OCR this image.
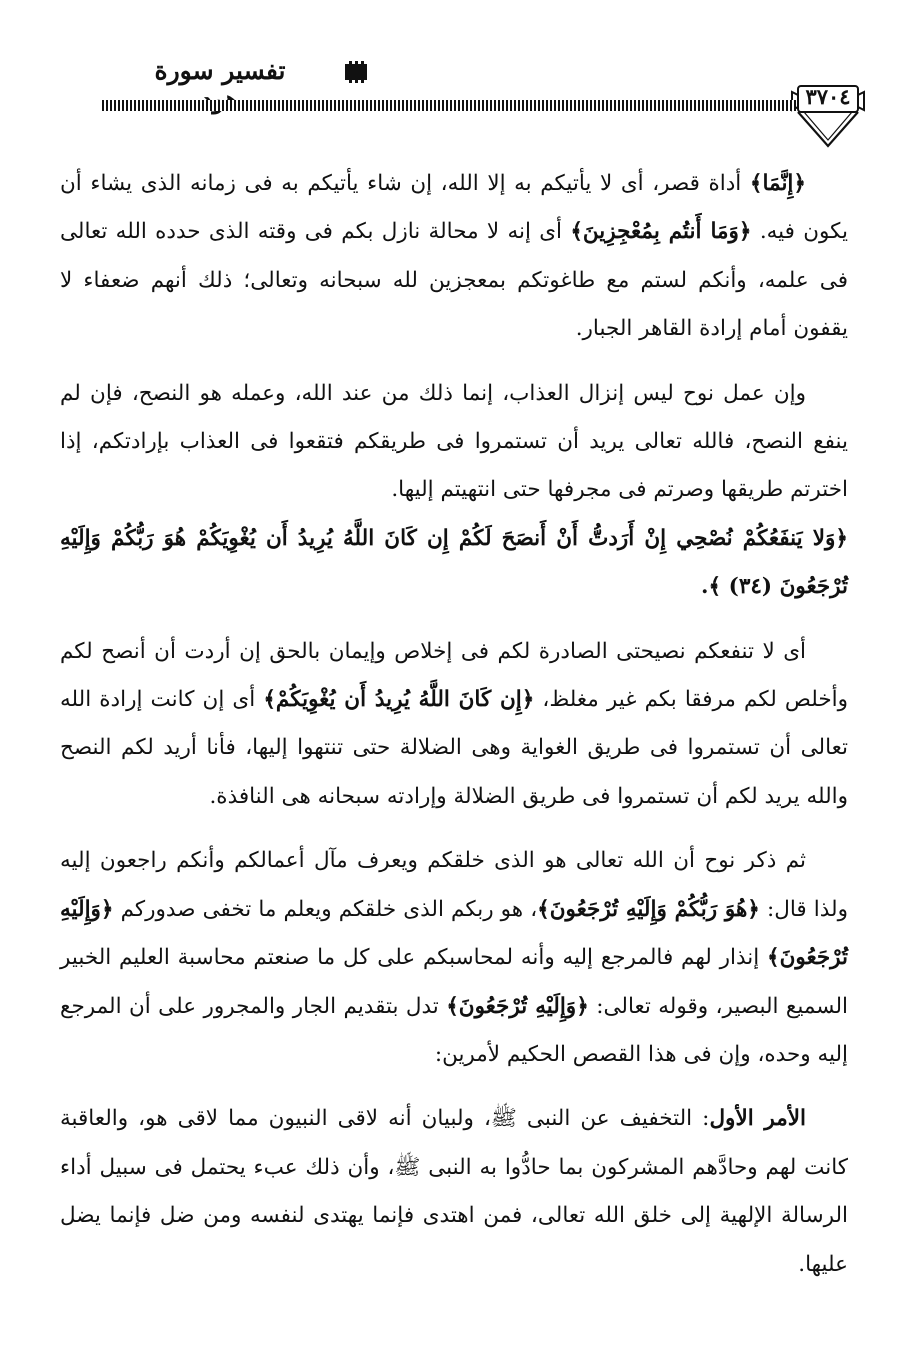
٣٧٠٤
تفسير سورة

﴿إِنَّمَا﴾ أداة قصر، أى لا يأتيكم به إلا الله، إن شاء يأتيكم به فى زمانه الذى يشاء أن يكون فيه. ﴿وَمَا أَنتُم بِمُعْجِزِينَ﴾ أى إنه لا محالة نازل بكم فى وقته الذى حدده الله تعالى فى علمه، وأنكم لستم مع طاغوتكم بمعجزين لله سبحانه وتعالى؛ ذلك أنهم ضعفاء لا يقفون أمام إرادة القاهر الجبار.

وإن عمل نوح ليس إنزال العذاب، إنما ذلك من عند الله، وعمله هو النصح، فإن لم ينفع النصح، فالله تعالى يريد أن تستمروا فى طريقكم فتقعوا فى العذاب بإرادتكم، إذا اخترتم طريقها وصرتم فى مجرفها حتى انتهيتم إليها.

﴿وَلا يَنفَعُكُمْ نُصْحِي إِنْ أَرَدتُّ أَنْ أَنصَحَ لَكُمْ إِن كَانَ اللَّهُ يُرِيدُ أَن يُغْوِيَكُمْ هُوَ رَبُّكُمْ وَإِلَيْهِ تُرْجَعُونَ (٣٤) ﴾.

أى لا تنفعكم نصيحتى الصادرة لكم فى إخلاص وإيمان بالحق إن أردت أن أنصح لكم وأخلص لكم مرفقا بكم غير مغلظ، ﴿إِن كَانَ اللَّهُ يُرِيدُ أَن يُغْوِيَكُمْ﴾ أى إن كانت إرادة الله تعالى أن تستمروا فى طريق الغواية وهى الضلالة حتى تنتهوا إليها، فأنا أريد لكم النصح والله يريد لكم أن تستمروا فى طريق الضلالة وإرادته سبحانه هى النافذة.

ثم ذكر نوح أن الله تعالى هو الذى خلقكم ويعرف مآل أعمالكم وأنكم راجعون إليه ولذا قال: ﴿هُوَ رَبُّكُمْ وَإِلَيْهِ تُرْجَعُونَ﴾، هو ربكم الذى خلقكم ويعلم ما تخفى صدوركم ﴿وَإِلَيْهِ تُرْجَعُونَ﴾ إنذار لهم فالمرجع إليه وأنه لمحاسبكم على كل ما صنعتم محاسبة العليم الخبير السميع البصير، وقوله تعالى: ﴿وَإِلَيْهِ تُرْجَعُونَ﴾ تدل بتقديم الجار والمجرور على أن المرجع إليه وحده، وإن فى هذا القصص الحكيم لأمرين:

الأمر الأول: التخفيف عن النبى ﷺ، ولبيان أنه لاقى النبيون مما لاقى هو، والعاقبة كانت لهم وحادَّهم المشركون بما حادُّوا به النبى ﷺ، وأن ذلك عبء يحتمل فى سبيل أداء الرسالة الإلهية إلى خلق الله تعالى، فمن اهتدى فإنما يهتدى لنفسه ومن ضل فإنما يضل عليها.
